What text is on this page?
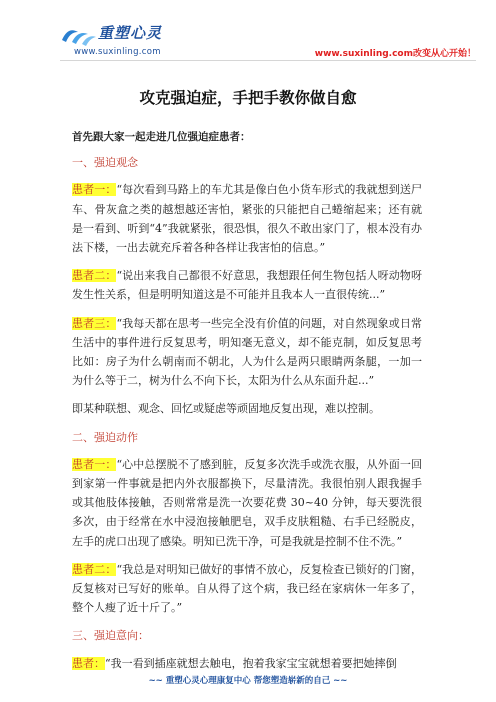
重塑心灵
www.suxinling.com	www.suxinling.com改变从心开始！
攻克强迫症，手把手教你做自愈

首先跟大家一起走进几位强迫症患者：

一、强迫观念

患者一：“每次看到马路上的车尤其是像白色小货车形式的我就想到送尸车、骨灰盒之类的越想越还害怕，紧张的只能把自己蜷缩起来；还有就是一看到、听到“4”我就紧张，很恐惧，很久不敢出家门了，根本没有办法下楼，一出去就充斥着各种各样让我害怕的信息。”

患者二：“说出来我自己都很不好意思，我想跟任何生物包括人呀动物呀发生性关系，但是明明知道这是不可能并且我本人一直很传统...”

患者三：“我每天都在思考一些完全没有价值的问题，对自然现象或日常生活中的事件进行反复思考，明知毫无意义，却不能克制，如反复思考比如：房子为什么朝南而不朝北，人为什么是两只眼睛两条腿，一加一为什么等于二，树为什么不向下长，太阳为什么从东面升起...”

即某种联想、观念、回忆或疑虑等顽固地反复出现，难以控制。

二、强迫动作

患者一：“心中总摆脱不了感到脏，反复多次洗手或洗衣服，从外面一回到家第一件事就是把内外衣服都换下，尽量清洗。我很怕别人跟我握手或其他肢体接触，否则常常是洗一次要花费 30~40 分钟，每天要洗很多次，由于经常在水中浸泡接触肥皂，双手皮肤粗糙、右手已经脱皮，左手的虎口出现了感染。明知已洗干净，可是我就是控制不住不洗。”

患者二：“我总是对明知已做好的事情不放心，反复检查已锁好的门窗，反复核对已写好的账单。自从得了这个病，我已经在家病休一年多了，整个人瘦了近十斤了。”

三、强迫意向：

患者：“我一看到插座就想去触电，抱着我家宝宝就想着要把她摔倒

~~ 重塑心灵心理康复中心 帮您塑造崭新的自己 ~~
